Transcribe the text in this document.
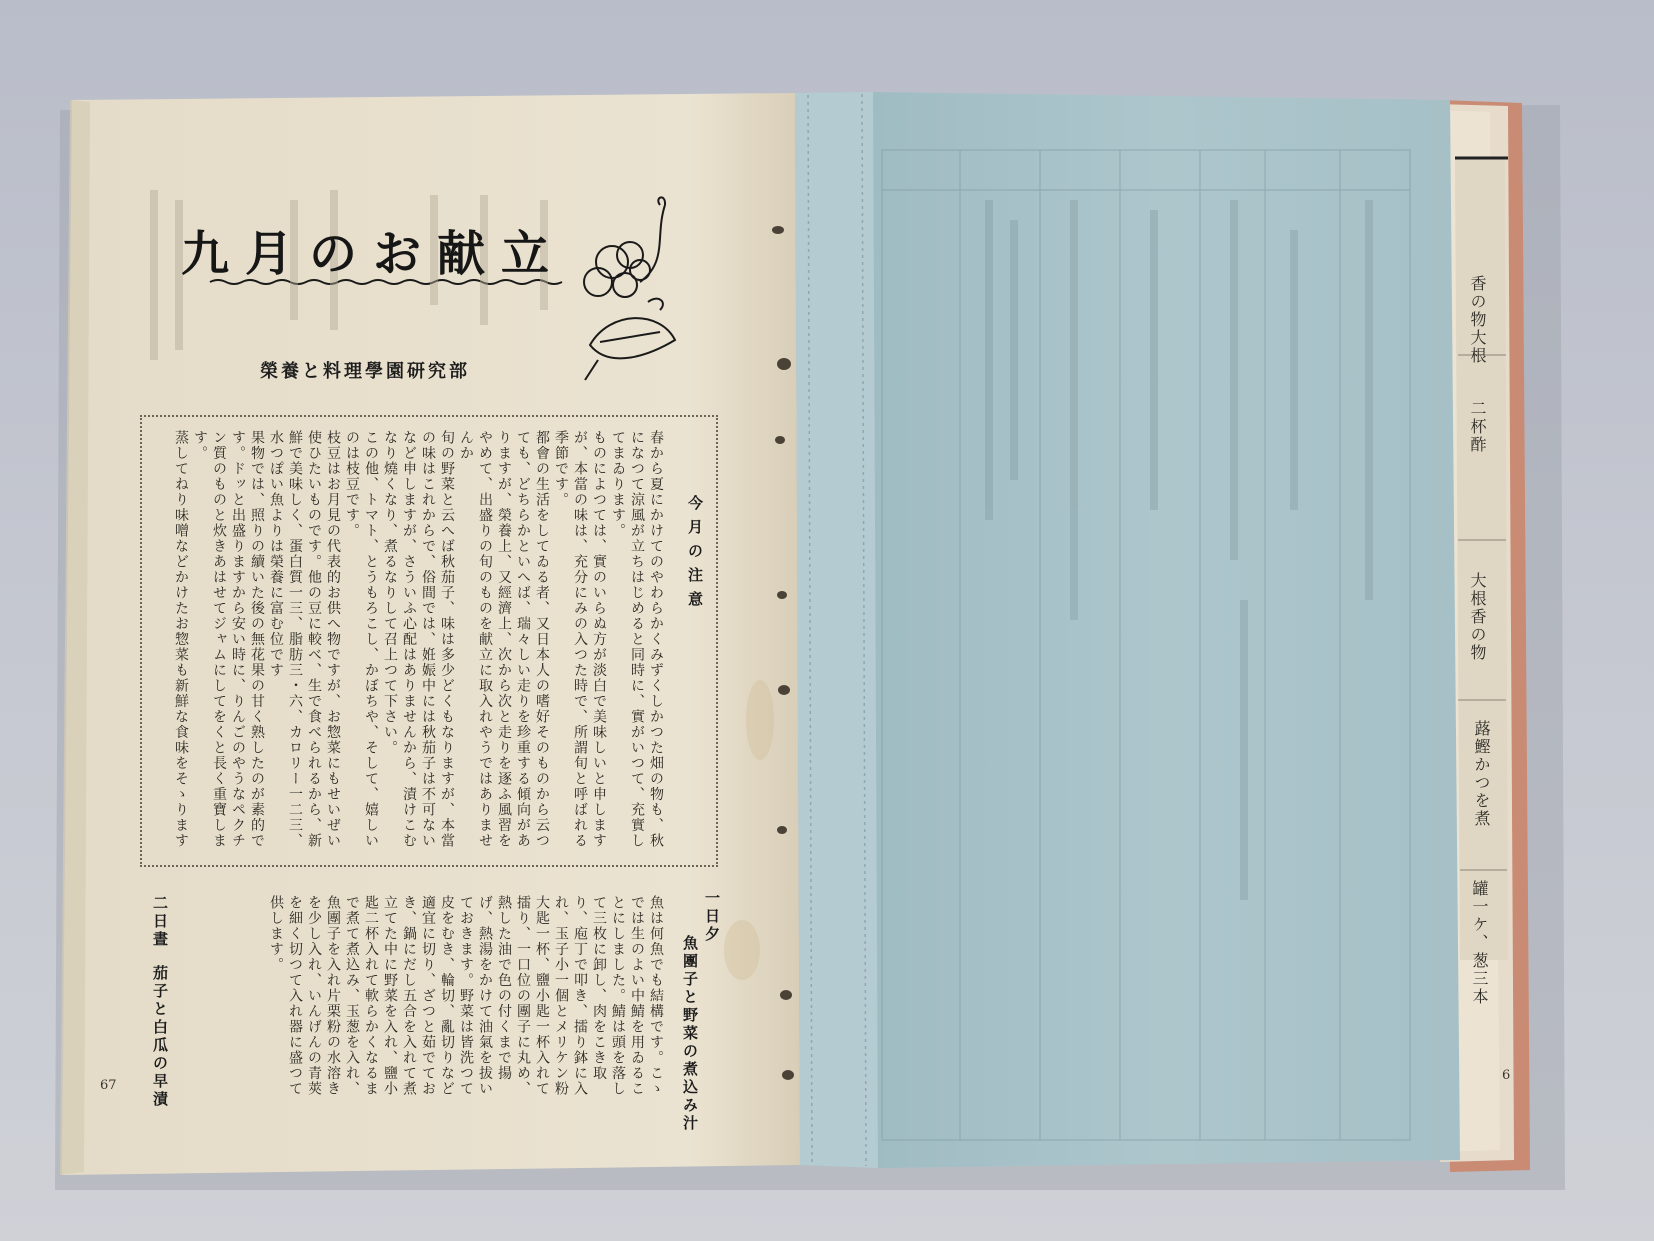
九月のお献立
榮養と料理學園研究部
今月の注意
春から夏にかけてのやわらかくみずくしかつた畑の物も、秋になつて涼風が立ちはじめると同時に、實がいつて、充實してまゐります。
ものによつては、實のいらぬ方が淡白で美味しいと申しますが、本當の味は、充分にみの入つた時で、所謂旬と呼ばれる季節です。
都會の生活をしてゐる者、又日本人の嗜好そのものから云つても、どちらかといへば、瑞々しい走りを珍重する傾向がありますが、榮養上、又經濟上、次から次と走りを逐ふ風習をやめて、出盛りの旬のものを献立に取入れやうではありませんか
旬の野菜と云へば秋茄子、味は多少どくもなりますが、本當の味はこれからで、俗間では、姙娠中には秋茄子は不可ないなど申しますが、さういふ心配はありませんから、漬けこむなり燒くなり、煮るなりして召上つて下さい。
この他、トマト、とうもろこし、かぼちや、そして、嬉しいのは枝豆です。
枝豆はお月見の代表的お供へ物ですが、お惣菜にもせいぜい使ひたいものです。他の豆に較べ、生で食べられるから、新鮮で美味しく、蛋白質一三、脂肪三・六、カロリー一二三、水つぽい魚よりは榮養に富む位です
果物では、照りの續いた後の無花果の甘く熟したのが素的です。ドッと出盛りますから安い時に、りんごのやうなペクチン質のものと炊きあはせてジャムにしてをくと長く重寶します。
蒸してねり味噌などかけたお惣菜も新鮮な食味をそゝります
一日夕
魚團子と野菜の煮込み汁
魚は何魚でも結構です。こゝでは生のよい中鯖を用ゐることにしました。鯖は頭を落して三枚に卸し、肉をこき取り、庖丁で叩き、擂り鉢に入れ、玉子小一個とメリケン粉大匙一杯、鹽小匙一杯入れて擂り、一口位の團子に丸め、熱した油で色の付くまで揚げ、熱湯をかけて油氣を拔いておきます。野菜は皆洗つて皮をむき、輪切、亂切りなど適宜に切り、ざつと茹でておき、鍋にだし五合を入れて煮立てた中に野菜を入れ、鹽小匙二杯入れて軟らかくなるまで煮て煮込み、玉葱を入れ、魚團子を入れ片栗粉の水溶きを少し入れ、いんげんの青莢を細く切つて入れ器に盛つて供します。
二日晝
茄子と白瓜の早漬
67
香の物大根
二杯酢
大根香の物
蕗鰹かつを煮
罐一ケ、葱三本
6
